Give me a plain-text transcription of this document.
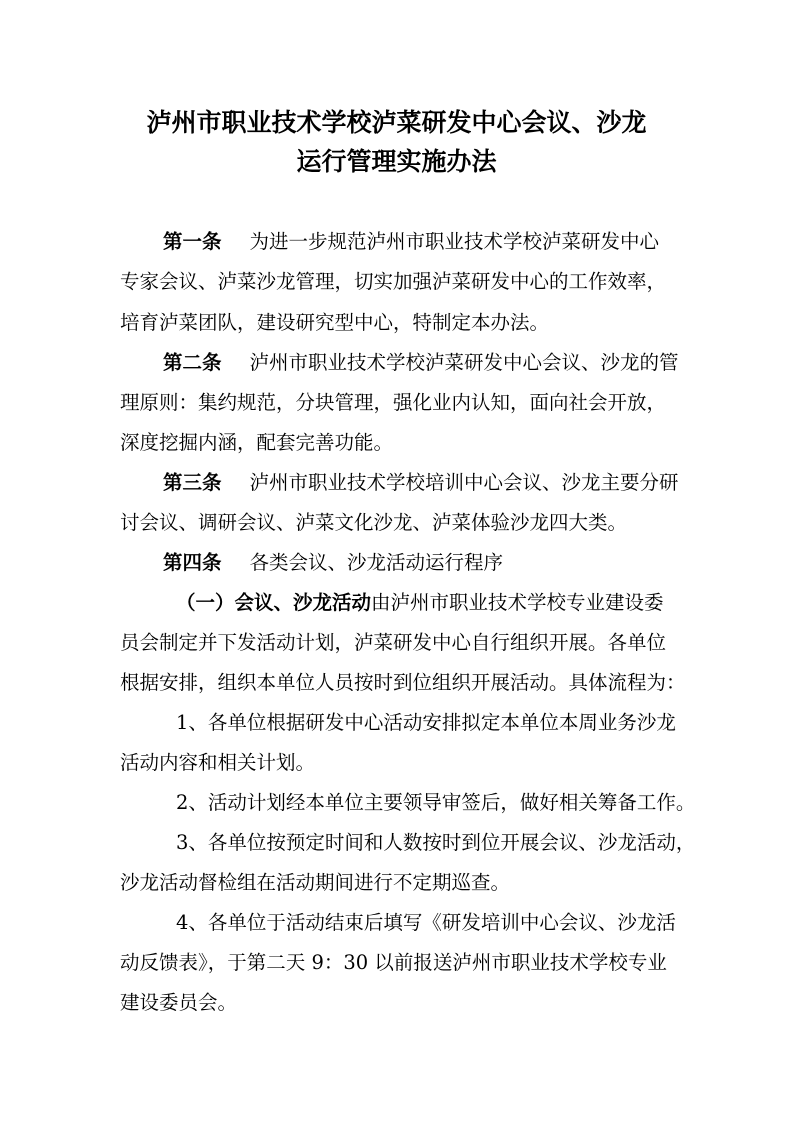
泸州市职业技术学校泸菜研发中心会议、沙龙
运行管理实施办法

第一条 为进一步规范泸州市职业技术学校泸菜研发中心

专家会议、泸菜沙龙管理，切实加强泸菜研发中心的工作效率，

培育泸菜团队，建设研究型中心，特制定本办法。

第二条 泸州市职业技术学校泸菜研发中心会议、沙龙的管

理原则：集约规范，分块管理，强化业内认知，面向社会开放，

深度挖掘内涵，配套完善功能。

第三条 泸州市职业技术学校培训中心会议、沙龙主要分研

讨会议、调研会议、泸菜文化沙龙、泸菜体验沙龙四大类。

第四条 各类会议、沙龙活动运行程序

（一）会议、沙龙活动由泸州市职业技术学校专业建设委

员会制定并下发活动计划，泸菜研发中心自行组织开展。各单位

根据安排，组织本单位人员按时到位组织开展活动。具体流程为：

1、各单位根据研发中心活动安排拟定本单位本周业务沙龙

活动内容和相关计划。

2、活动计划经本单位主要领导审签后，做好相关筹备工作。

3、各单位按预定时间和人数按时到位开展会议、沙龙活动，

沙龙活动督检组在活动期间进行不定期巡查。

4、各单位于活动结束后填写《研发培训中心会议、沙龙活

动反馈表》，于第二天 9：30 以前报送泸州市职业技术学校专业

建设委员会。
